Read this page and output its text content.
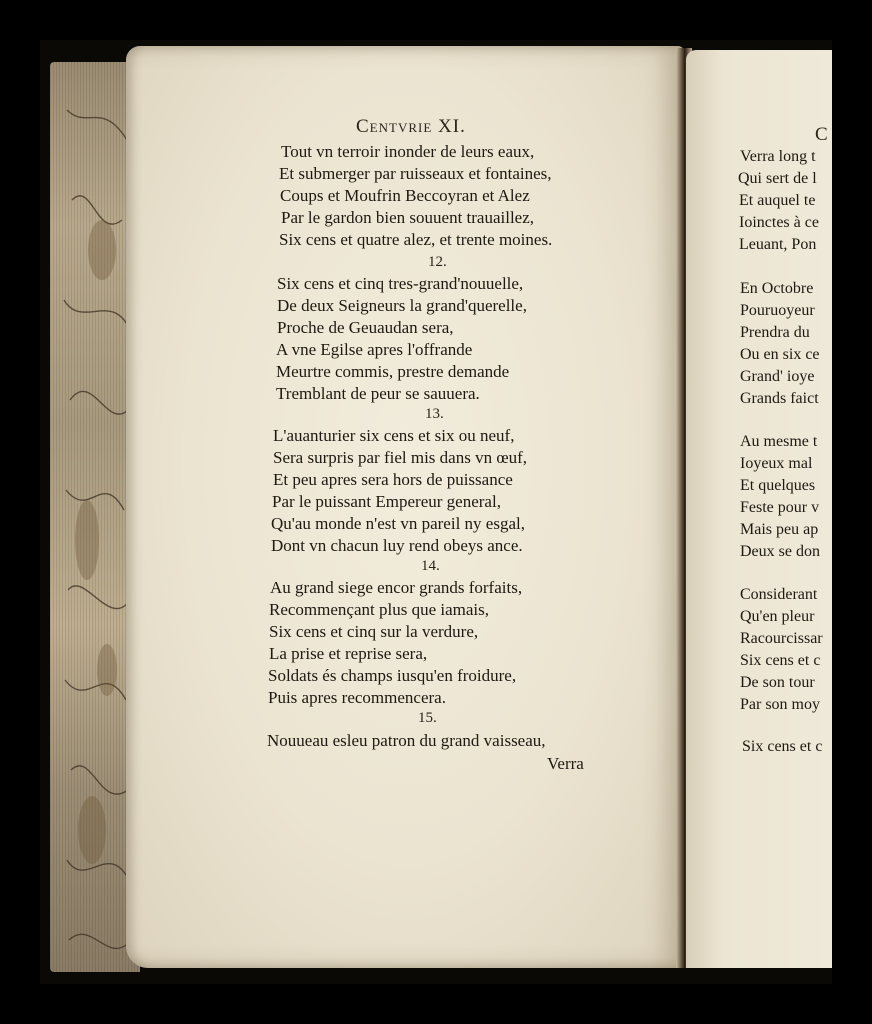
Centvrie XI.
Tout vn terroir inonder de leurs eaux,
Et submerger par ruisseaux et fontaines,
Coups et Moufrin Beccoyran et Alez
Par le gardon bien souuent trauaillez,
Six cens et quatre alez, et trente moines.
12.
Six cens et cinq tres-grand'nouuelle,
De deux Seigneurs la grand'querelle,
Proche de Geuaudan sera,
A vne Egilse apres l'offrande
Meurtre commis, prestre demande
Tremblant de peur se sauuera.
13.
L'auanturier six cens et six ou neuf,
Sera surpris par fiel mis dans vn œuf,
Et peu apres sera hors de puissance
Par le puissant Empereur general,
Qu'au monde n'est vn pareil ny esgal,
Dont vn chacun luy rend obeys ance.
14.
Au grand siege encor grands forfaits,
Recommençant plus que iamais,
Six cens et cinq sur la verdure,
La prise et reprise sera,
Soldats és champs iusqu'en froidure,
Puis apres recommencera.
15.
Nouueau esleu patron du grand vaisseau,
Verra
C
Verra long t
Qui sert de l
Et auquel te
Ioinctes à ce
Leuant, Pon
En Octobre
Pouruoyeur
Prendra du
Ou en six ce
Grand' ioye
Grands faict
Au mesme t
Ioyeux mal
Et quelques
Feste pour v
Mais peu ap
Deux se don
Considerant
Qu'en pleur
Racourcissar
Six cens et c
De son tour
Par son moy
Six cens et c
